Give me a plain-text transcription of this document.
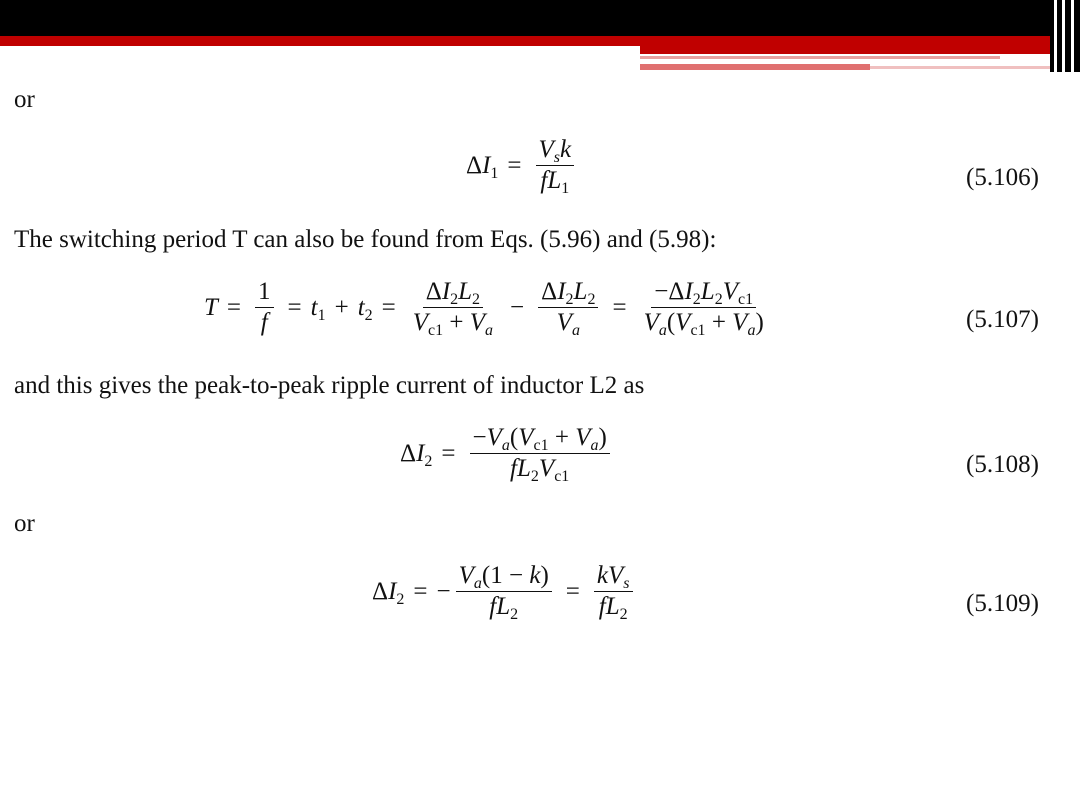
or
$\Delta I_1 = \frac{V_sk}{fL_1}$	(5.106)
The switching period T can also be found from Eqs. (5.96) and (5.98):
$T = \frac{1}{f} = t_1 + t_2 = \frac{\Delta I_2L_2}{V_{c1} + V_a} - \frac{\Delta I_2L_2}{V_a} = \frac{-\Delta I_2L_2V_{c1}}{V_a(V_{c1} + V_a)}$	(5.107)
and this gives the peak-to-peak ripple current of inductor L2 as
$\Delta I_2 = \frac{-V_a(V_{c1} + V_a)}{fL_2V_{c1}}$	(5.108)
or
$\Delta I_2$ = − $\frac{V_a(1 - k)}{fL_2} = \frac{kV_s}{fL_2}$	(5.109)
